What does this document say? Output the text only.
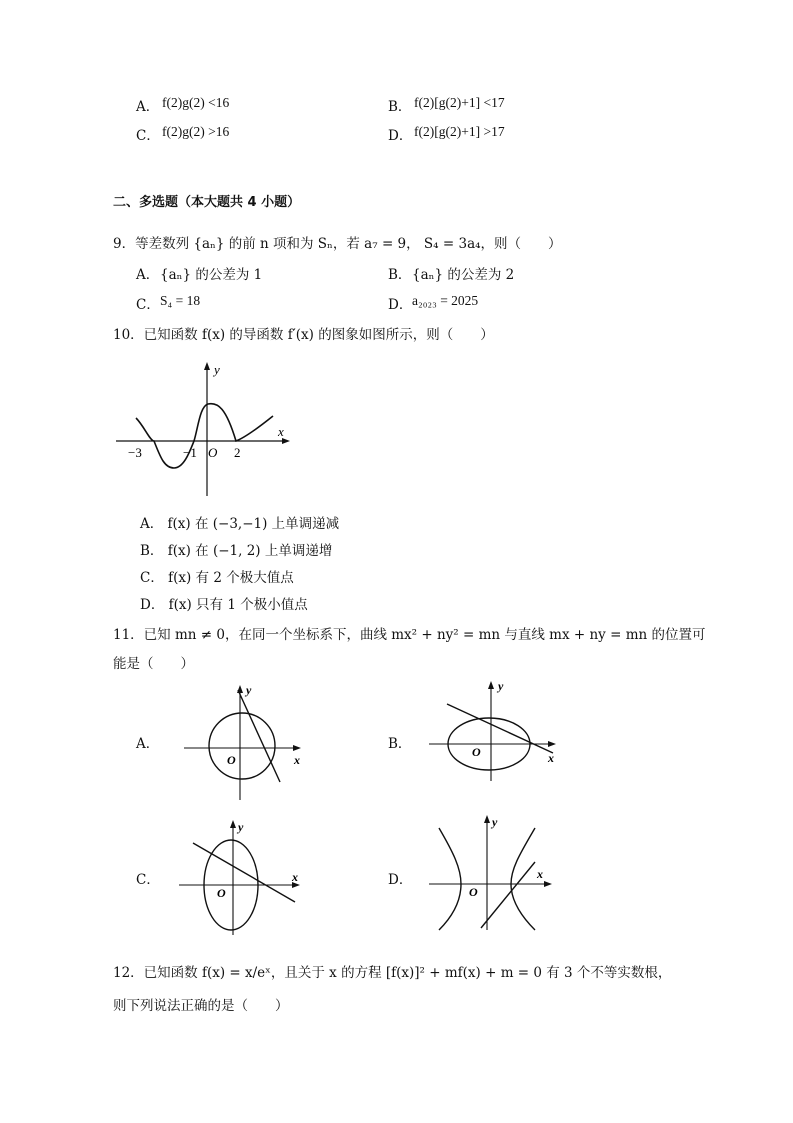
A． f(2)g(2) <16	B． f(2)[g(2)+1] <17
C． f(2)g(2) >16	D． f(2)[g(2)+1] >17
二、多选题（本大题共 4 小题）
9．等差数列 {aₙ} 的前 n 项和为 Sₙ，若 a₇ = 9， S₄ = 3a₄，则（　　）
A． {aₙ} 的公差为 1	B． {aₙ} 的公差为 2
C． S₄ = 18	D． a₂₀₂₃ = 2025
10．已知函数 f(x) 的导函数 f′(x) 的图象如图所示，则（　　）
y
x
−3	−1 O 2
A． f(x) 在 (−3,−1) 上单调递减
B． f(x) 在 (−1, 2) 上单调递增
C． f(x) 有 2 个极大值点
D． f(x) 只有 1 个极小值点
11．已知 mn ≠ 0，在同一个坐标系下，曲线 mx² + ny² = mn 与直线 mx + ny = mn 的位置可
能是（　　）
A．
y
x
O
B．
y
x
O
C．
y
x
O
D．
y
x
O
12．已知函数 f(x) = x/eˣ，且关于 x 的方程 [f(x)]² + mf(x) + m = 0 有 3 个不等实数根，
则下列说法正确的是（　　）
